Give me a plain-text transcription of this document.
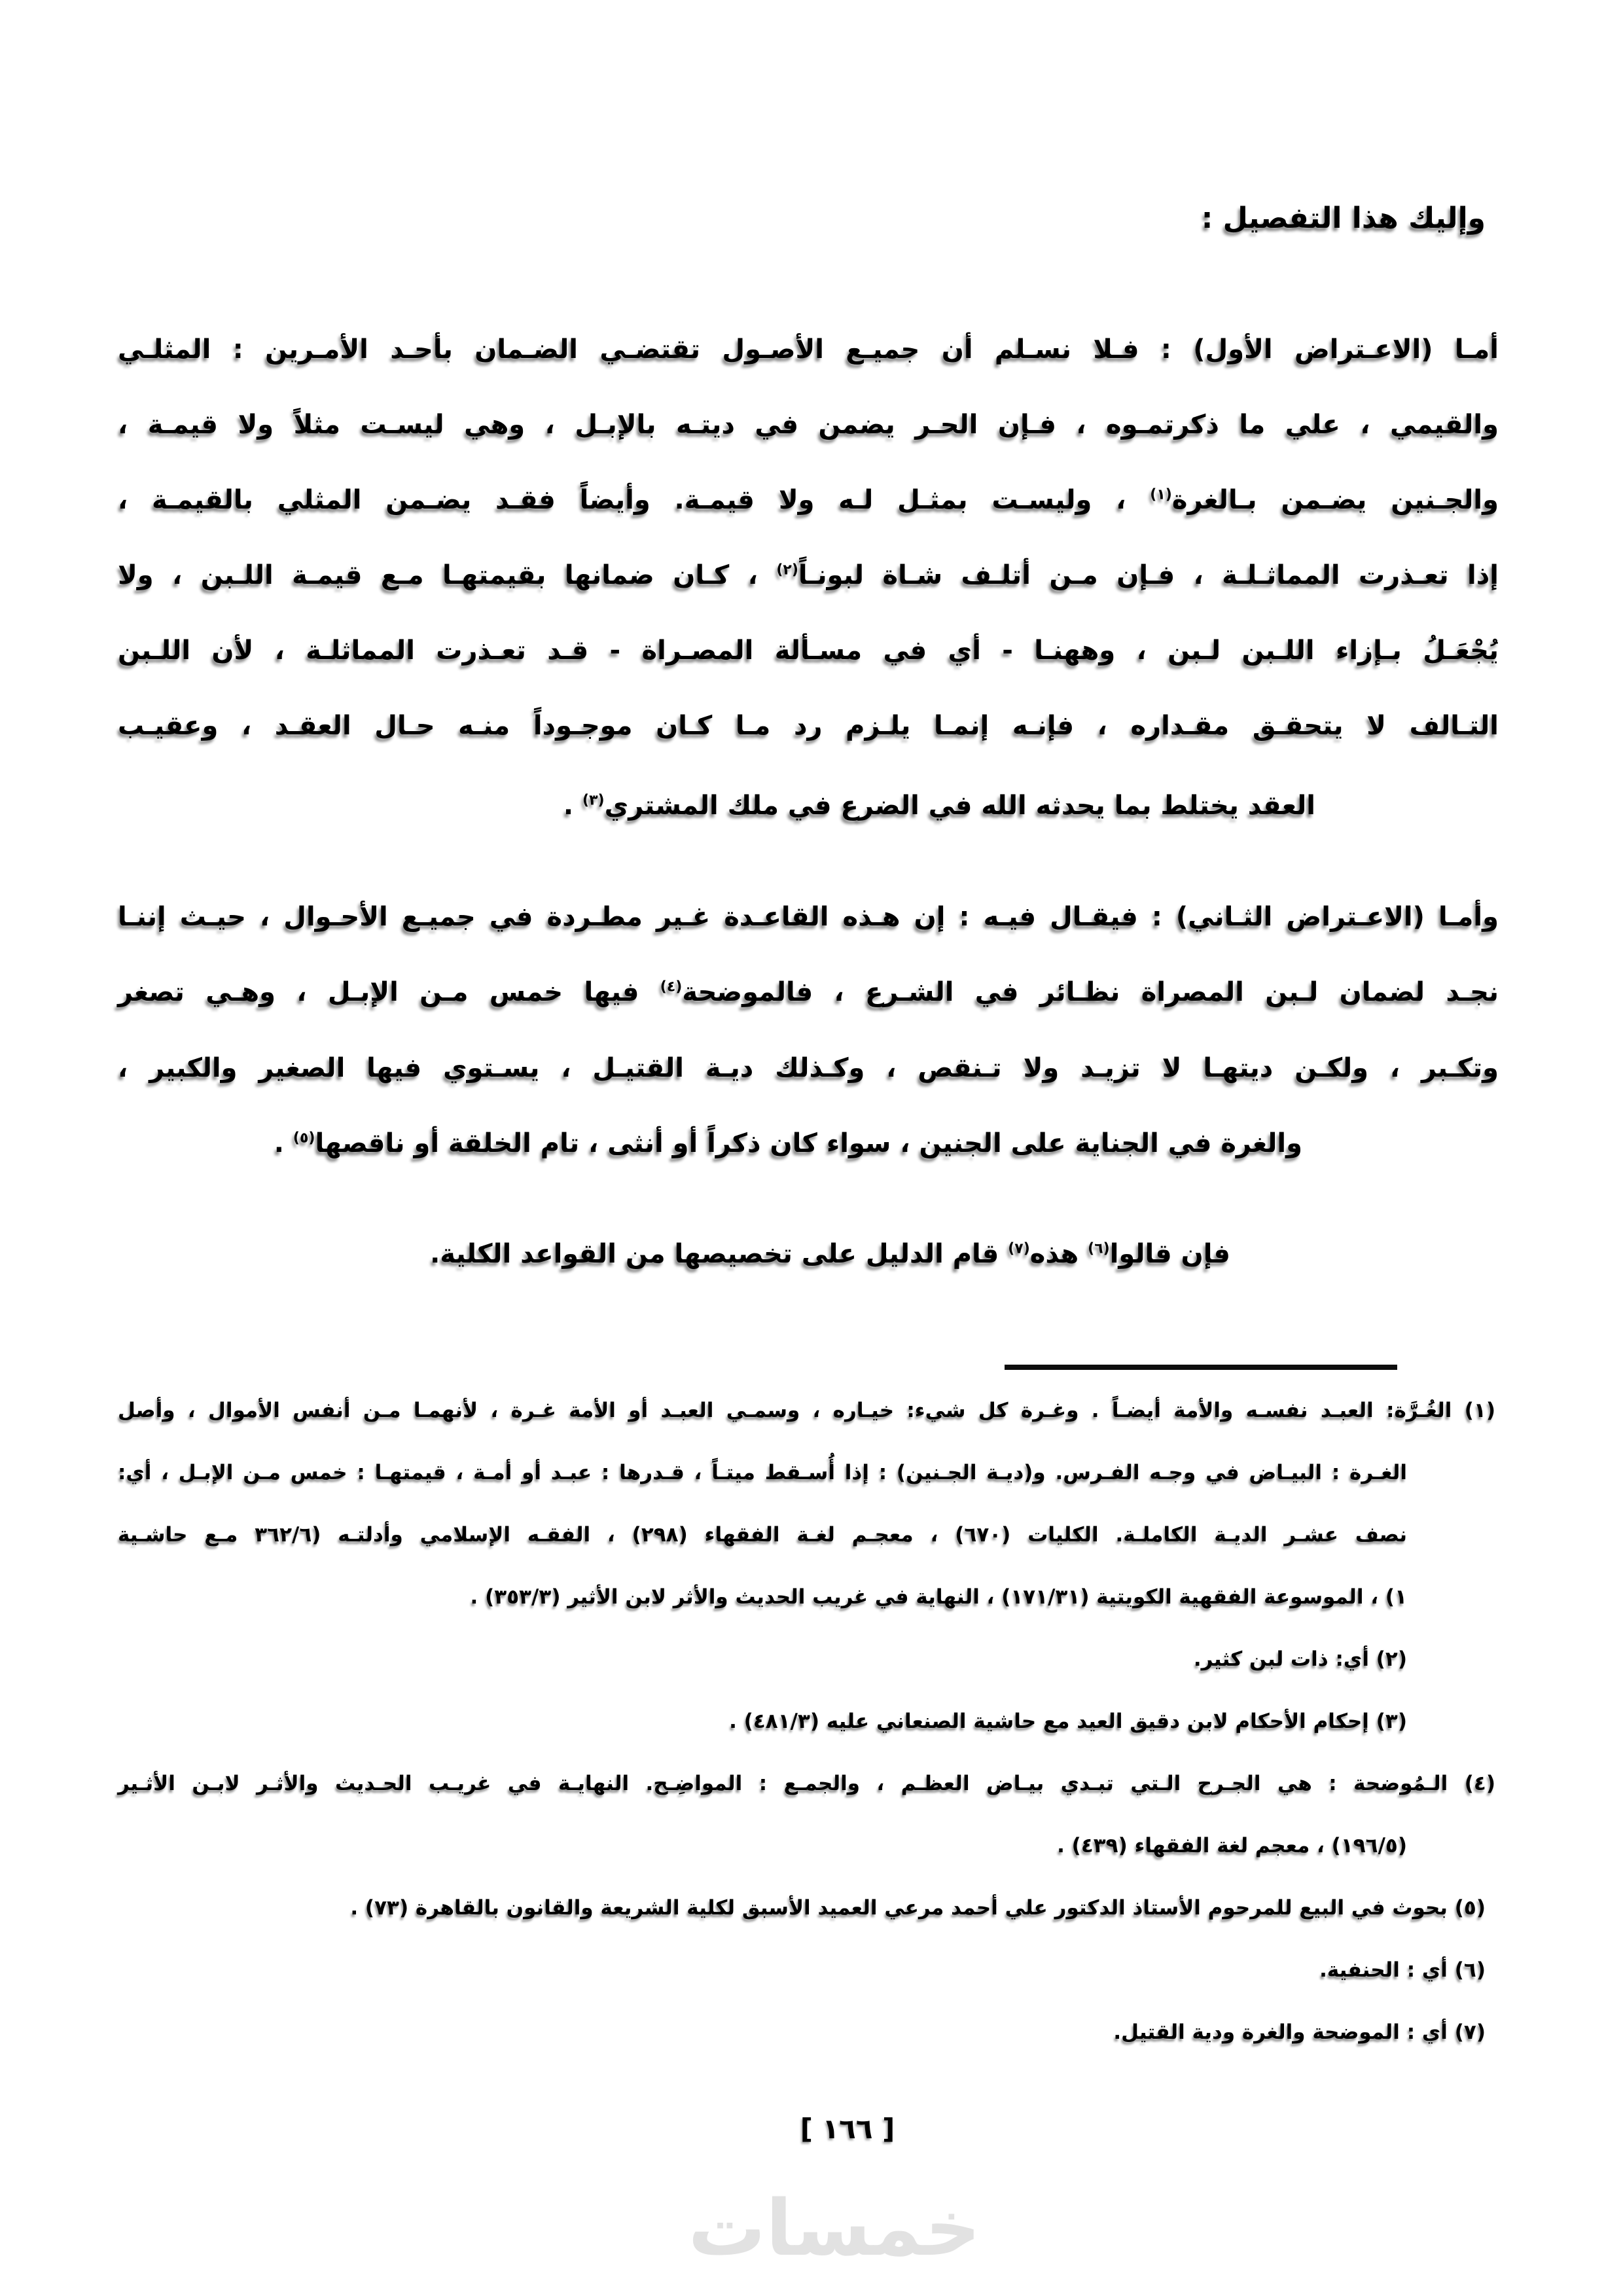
وإليك هذا التفصيل :
أمـا (الاعـتراض الأول) : فـلا نسـلم أن جميـع الأصـول تقتضـي الضـمان بأحـد الأمـرين : المثلـي
والقيمي ، علي ما ذكرتمـوه ، فـإن الحـر يضمن في ديتـه بالإبـل ، وهي ليسـت مثلاً ولا قيمـة ،
والجـنين يضـمن بـالغرة$^{(١)}$ ، وليسـت بمثـل لـه ولا قيمـة. وأيضاً فقـد يضـمن المثلي بالقيمـة ،
إذا تعـذرت المماثـلـة ، فـإن مـن أتلـف شـاة لبونـاً$^{(٢)}$ ، كـان ضمانها بقيمتهـا مـع قيمـة اللـبن ، ولا
يُجْعَـلُ بـإزاء اللـبن لـبن ، وههنـا - أي في مسـألة المصـراة - قـد تعـذرت المماثلـة ، لأن اللـبن
التـالف لا يتحقـق مقـداره ، فإنـه إنمـا يلـزم رد مـا كـان موجـوداً منـه حـال العقـد ، وعقيـب
العقد يختلط بما يحدثه الله في الضرع في ملك المشتري$^{(٣)}$ .
وأمـا (الاعـتراض الثـاني) : فيقـال فيـه : إن هـذه القاعـدة غـير مطـردة في جميـع الأحـوال ، حيـث إننـا
نجـد لضمان لـبن المصراة نظـائر في الشـرع ، فالموضحة$^{(٤)}$ فيها خمس مـن الإبـل ، وهـي تصغر
وتكـبر ، ولكـن ديتهـا لا تزيـد ولا تـنقص ، وكـذلك ديـة القتيـل ، يسـتوي فيها الصغير والكبير ،
والغرة في الجناية على الجنين ، سواء كان ذكراً أو أنثى ، تام الخلقة أو ناقصها$^{(٥)}$ .
فإن قالوا$^{(٦)}$ هذه$^{(٧)}$ قام الدليل على تخصيصها من القواعد الكلية.
(١) الغُـرَّة: العبـد نفسـه والأمة أيضـاً . وغـرة كل شيء: خيـاره ، وسمـي العبـد أو الأمة غـرة ، لأنهمـا مـن أنفس الأموال ، وأصل
الغـرة : البيـاض في وجـه الفـرس. و(ديـة الجـنين) : إذا أُسـقط ميتـاً ، قـدرها : عبـد أو أمـة ، قيمتهـا : خمس مـن الإبـل ، أي:
نصف عشـر الديـة الكاملـة. الكليات (٦٧٠) ، معجـم لغـة الفقهاء (٢٩٨) ، الفقـه الإسلامي وأدلتـه (٣٦٢/٦ مـع حاشـية
١) ، الموسوعة الفقهية الكويتية (١٧١/٣١) ، النهاية في غريب الحديث والأثر لابن الأثير (٣٥٣/٣) .
(٢) أي: ذات لبن كثير.
(٣) إحكام الأحكام لابن دقيق العيد مع حاشية الصنعاني عليه (٤٨١/٣) .
(٤) الـمُوضحة : هي الجـرح الـتي تبـدي بيـاض العظـم ، والجمـع : المواضِـح. النهايـة في غريـب الحـديث والأثـر لابـن الأثـير
(١٩٦/٥) ، معجم لغة الفقهاء (٤٣٩) .
(٥) بحوث في البيع للمرحوم الأستاذ الدكتور علي أحمد مرعي العميد الأسبق لكلية الشريعة والقانون بالقاهرة (٧٣) .
(٦) أي : الحنفية.
(٧) أي : الموضحة والغرة ودية القتيل.
[ ١٦٦ ]
خمسات
